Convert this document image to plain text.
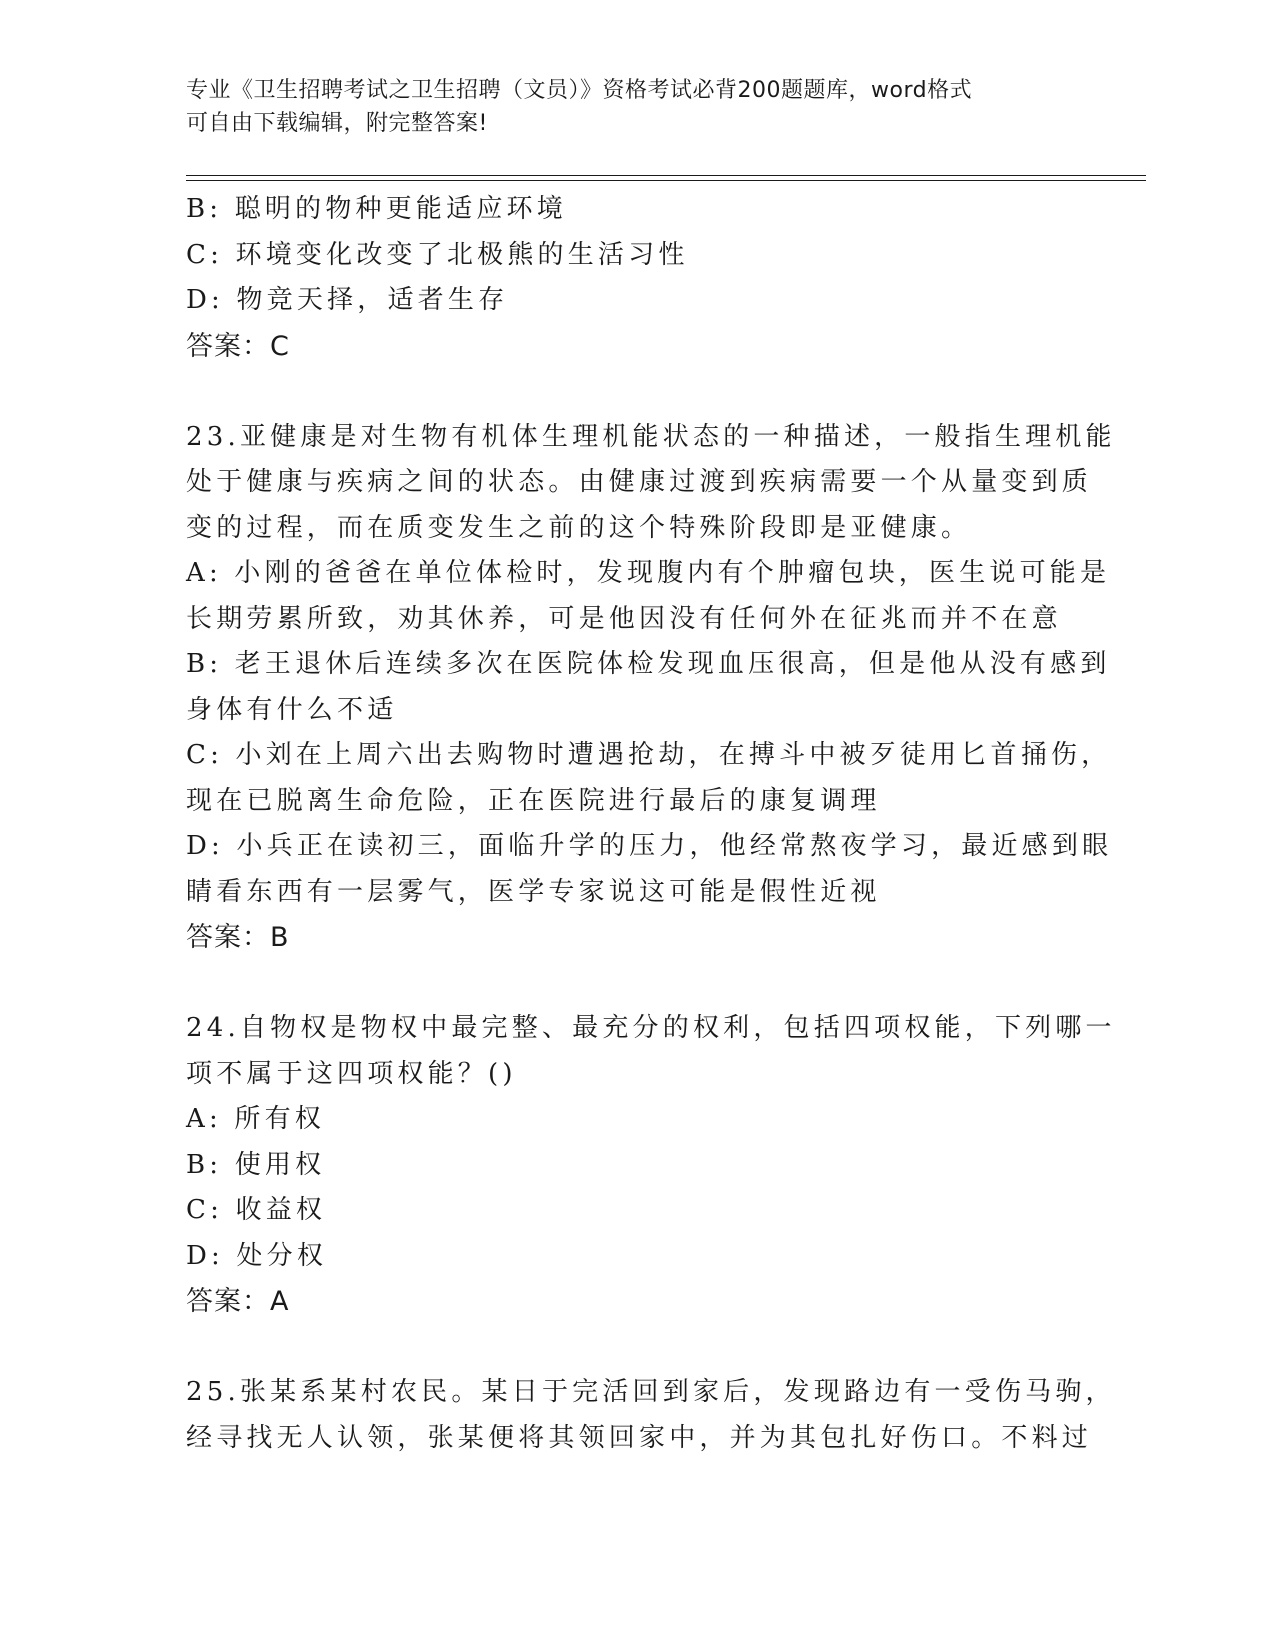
专业《卫生招聘考试之卫生招聘（文员）》资格考试必背200题题库，word格式

可自由下载编辑，附完整答案!

B: 聪明的物种更能适应环境

C: 环境变化改变了北极熊的生活习性

D: 物竞天择，适者生存

答案：C

23.亚健康是对生物有机体生理机能状态的一种描述，一般指生理机能

处于健康与疾病之间的状态。由健康过渡到疾病需要一个从量变到质

变的过程，而在质变发生之前的这个特殊阶段即是亚健康。

A: 小刚的爸爸在单位体检时，发现腹内有个肿瘤包块，医生说可能是

长期劳累所致，劝其休养，可是他因没有任何外在征兆而并不在意

B: 老王退休后连续多次在医院体检发现血压很高，但是他从没有感到

身体有什么不适

C: 小刘在上周六出去购物时遭遇抢劫，在搏斗中被歹徒用匕首捅伤，

现在已脱离生命危险，正在医院进行最后的康复调理

D: 小兵正在读初三，面临升学的压力，他经常熬夜学习，最近感到眼

睛看东西有一层雾气，医学专家说这可能是假性近视

答案：B

24.自物权是物权中最完整、最充分的权利，包括四项权能，下列哪一

项不属于这四项权能？()

A: 所有权

B: 使用权

C: 收益权

D: 处分权

答案：A

25.张某系某村农民。某日于完活回到家后，发现路边有一受伤马驹，

经寻找无人认领，张某便将其领回家中，并为其包扎好伤口。不料过
